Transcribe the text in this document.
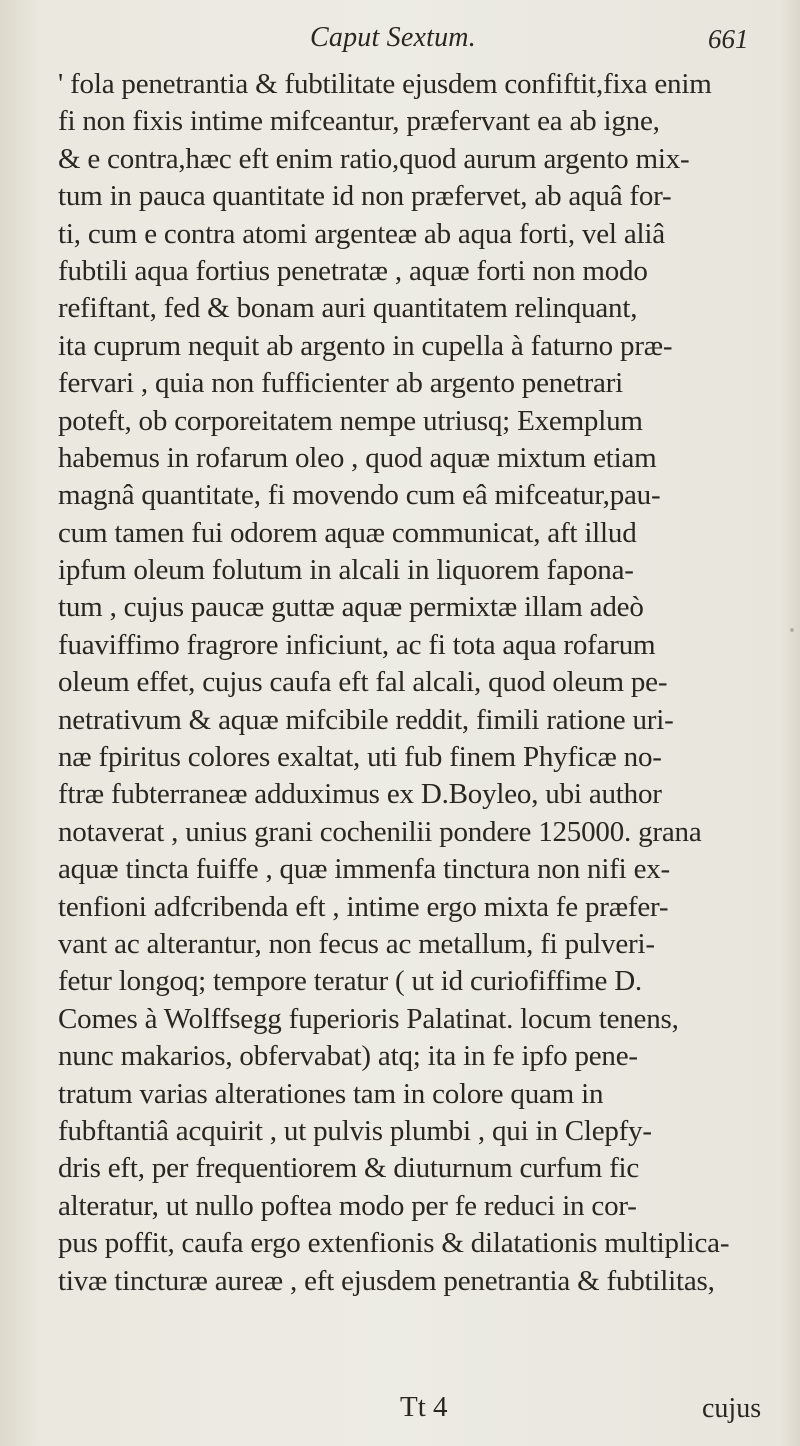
Caput Sextum.	661
' fola penetrantia & fubtilitate ejusdem confiftit,fixa enim
fi non fixis intime mifceantur, præfervant ea ab igne,
& e contra,hæc eft enim ratio,quod aurum argento mix-
tum in pauca quantitate id non præfervet, ab aquâ for-
ti, cum e contra atomi argenteæ ab aqua forti, vel aliâ
fubtili aqua fortius penetratæ , aquæ forti non modo
refiftant, fed & bonam auri quantitatem relinquant,
ita cuprum nequit ab argento in cupella à faturno præ-
fervari , quia non fufficienter ab argento penetrari
poteft, ob corporeitatem nempe utriusq; Exemplum
habemus in rofarum oleo , quod aquæ mixtum etiam
magnâ quantitate, fi movendo cum eâ mifceatur,pau-
cum tamen fui odorem aquæ communicat, aft illud
ipfum oleum folutum in alcali in liquorem fapona-
tum , cujus paucæ guttæ aquæ permixtæ illam adeò
fuaviffimo fragrore inficiunt, ac fi tota aqua rofarum
oleum effet, cujus caufa eft fal alcali, quod oleum pe-
netrativum & aquæ mifcibile reddit, fimili ratione uri-
næ fpiritus colores exaltat, uti fub finem Phyficæ no-
ftræ fubterraneæ adduximus ex D.Boyleo, ubi author
notaverat , unius grani cochenilii pondere 125000. grana
aquæ tincta fuiffe , quæ immenfa tinctura non nifi ex-
tenfioni adfcribenda eft , intime ergo mixta fe præfer-
vant ac alterantur, non fecus ac metallum, fi pulveri-
fetur longoq; tempore teratur ( ut id curiofiffime D.
Comes à Wolffsegg fuperioris Palatinat. locum tenens,
nunc makarios, obfervabat) atq; ita in fe ipfo pene-
tratum varias alterationes tam in colore quam in
fubftantiâ acquirit , ut pulvis plumbi , qui in Clepfy-
dris eft, per frequentiorem & diuturnum curfum fic
alteratur, ut nullo poftea modo per fe reduci in cor-
pus poffit, caufa ergo extenfionis & dilatationis multiplica-
tivæ tincturæ aureæ , eft ejusdem penetrantia & fubtilitas,
Tt 4	cujus
